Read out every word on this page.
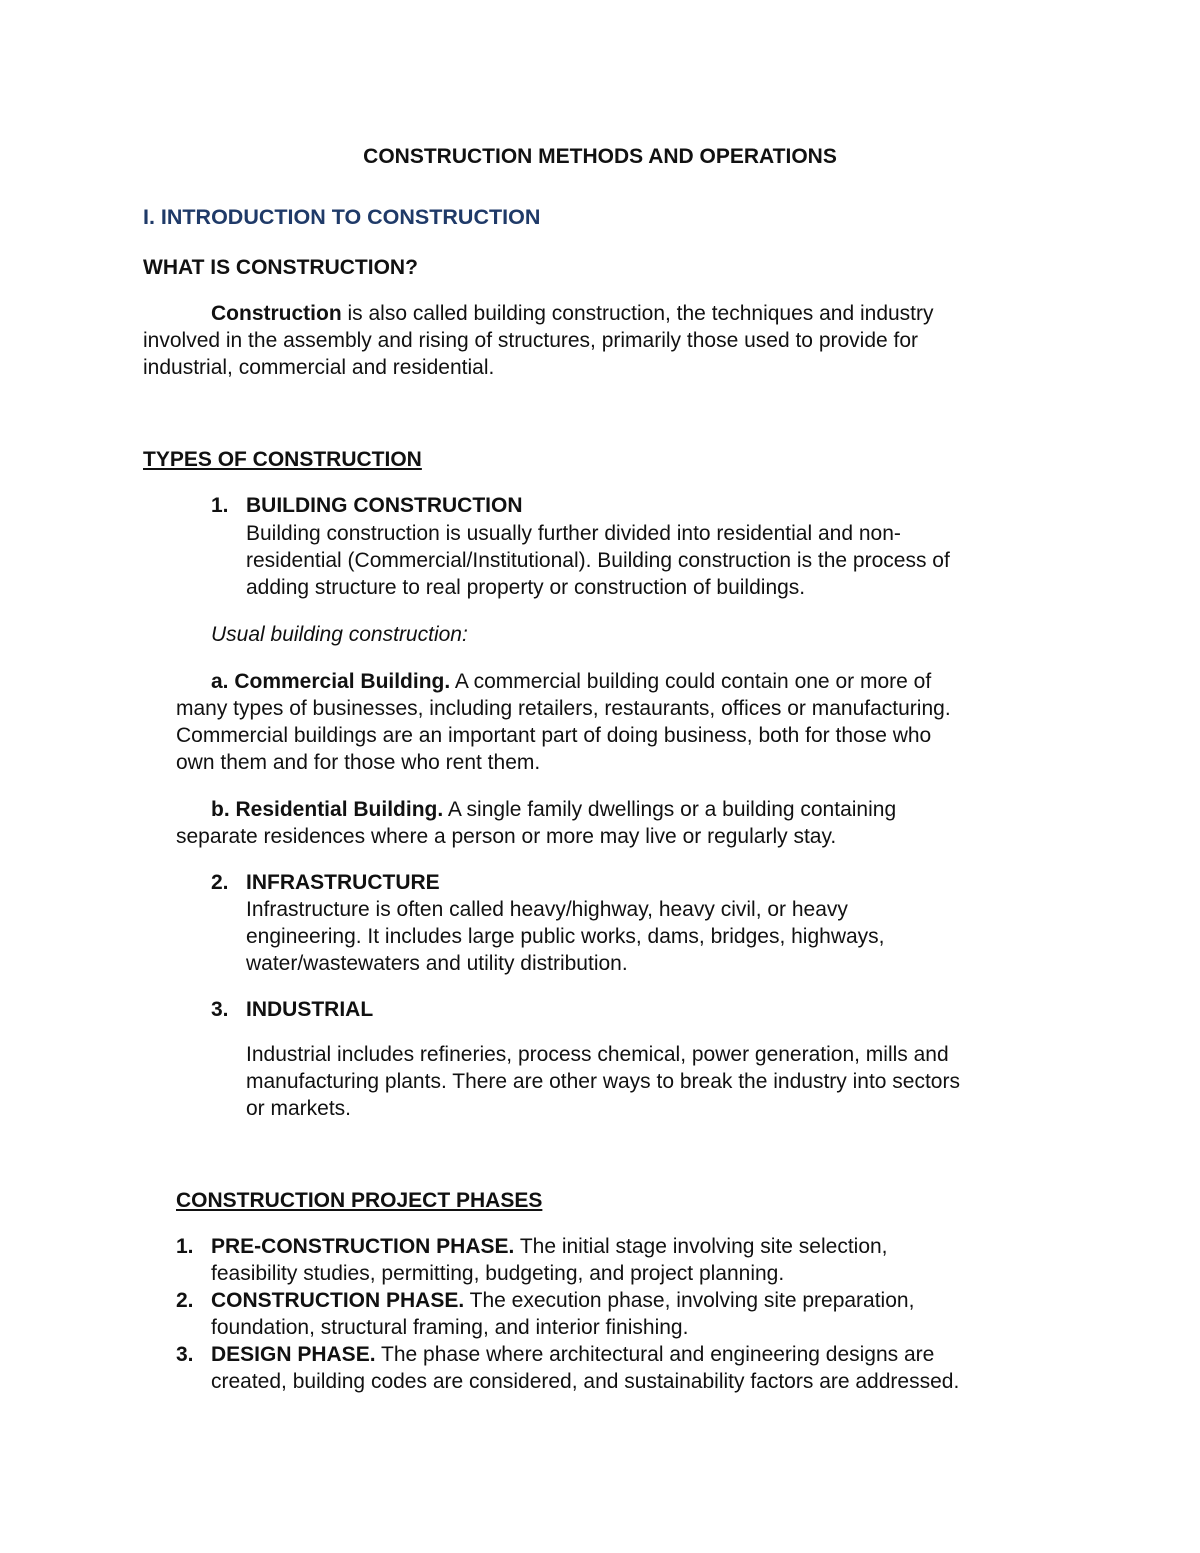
CONSTRUCTION METHODS AND OPERATIONS
I. INTRODUCTION TO CONSTRUCTION
WHAT IS CONSTRUCTION?
Construction is also called building construction, the techniques and industry
involved in the assembly and rising of structures, primarily those used to provide for
industrial, commercial and residential.
TYPES OF CONSTRUCTION
1. BUILDING CONSTRUCTION
Building construction is usually further divided into residential and non-
residential (Commercial/Institutional). Building construction is the process of
adding structure to real property or construction of buildings.
Usual building construction:
a. Commercial Building. A commercial building could contain one or more of
many types of businesses, including retailers, restaurants, offices or manufacturing.
Commercial buildings are an important part of doing business, both for those who
own them and for those who rent them.
b. Residential Building. A single family dwellings or a building containing
separate residences where a person or more may live or regularly stay.
2. INFRASTRUCTURE
Infrastructure is often called heavy/highway, heavy civil, or heavy
engineering. It includes large public works, dams, bridges, highways,
water/wastewaters and utility distribution.
3. INDUSTRIAL
Industrial includes refineries, process chemical, power generation, mills and
manufacturing plants. There are other ways to break the industry into sectors
or markets.
CONSTRUCTION PROJECT PHASES
1. PRE-CONSTRUCTION PHASE. The initial stage involving site selection,
feasibility studies, permitting, budgeting, and project planning.
2. CONSTRUCTION PHASE. The execution phase, involving site preparation,
foundation, structural framing, and interior finishing.
3. DESIGN PHASE. The phase where architectural and engineering designs are
created, building codes are considered, and sustainability factors are addressed.
